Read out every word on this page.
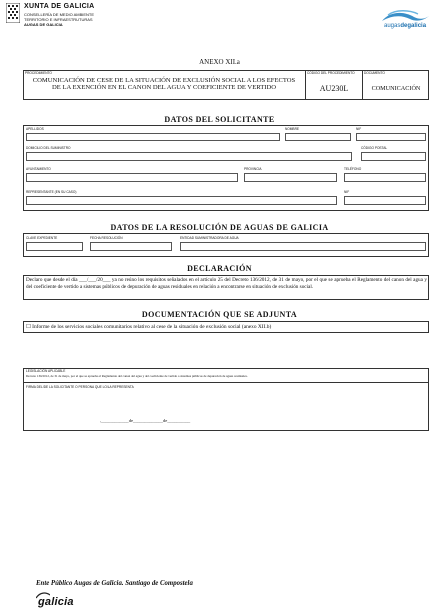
XUNTA DE GALICIA
CONSELLERÍA DE MEDIO AMBIENTE
TERRITORIO E INFRAESTRUTURAS
AUGAS DE GALICIA	augasdegalicia
ANEXO XII.a
PROCEDIMIENTO
COMUNICACIÓN DE CESE DE LA SITUACIÓN DE EXCLUSIÓN SOCIAL A LOS EFECTOS DE LA EXENCIÓN EN EL CANON DEL AGUA Y COEFICIENTE DE VERTIDO
CÓDIGO DEL PROCEDIMIENTO
AU230L
DOCUMENTO
COMUNICACIÓN
DATOS DEL SOLICITANTE
APELLIDOS	NOMBRE	NIF
DOMICILIO DEL SUMINISTRO	CÓDIGO POSTAL
AYUNTAMIENTO	PROVINCIA	TELÉFONO
REPRESENTANTE (EN SU CASO)	NIF
DATOS DE LA RESOLUCIÓN DE AGUAS DE GALICIA
CLAVE EXPEDIENTE	FECHA RESOLUCIÓN	ENTIDAD SUMINISTRADORA DE AGUA
DECLARACIÓN
Declaro que desde el día ___/___/20___ ya no reúno los requisitos señalados en el artículo 25 del Decreto 136/2012, de 31 de mayo, por el que se aprueba el Reglamento del canon del agua y del coeficiente de vertido a sistemas públicos de depuración de aguas residuales en relación a encontrarse en situación de exclusión social.
DOCUMENTACIÓN QUE SE ADJUNTA
☐ Informe de los servicios sociales comunitarios relativo al cese de la situación de exclusión social (anexo XII.b)
LEGISLACIÓN APLICABLE
Decreto 136/2012, de 31 de mayo, por el que se aprueba el Reglamento del canon del agua y del coeficiente de vertido a sistemas públicos de depuración de aguas residuales.
FIRMA DEL/DE LA SOLICITANTE O PERSONA QUE LO/LA REPRESENTA
,____________de_____________de__________
Ente Público Augas de Galicia. Santiago de Compostela
galicia
